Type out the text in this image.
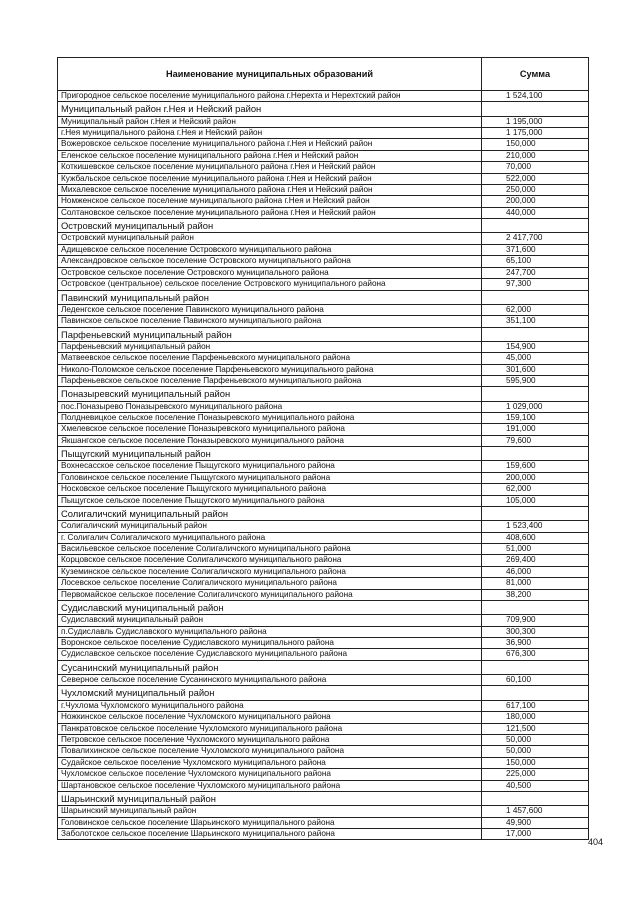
Наименование муниципальных образований	Сумма
Пригородное сельское поселение муниципального района г.Нерехта и Нерехтский район	1 524,100
Муниципальный район г.Нея и Нейский район	
Муниципальный район г.Нея и Нейский район	1 195,000
г.Нея муниципального района г.Нея и Нейский район	1 175,000
Вожеровское сельское поселение муниципального района г.Нея и Нейский район	150,000
Еленское сельское поселение муниципального района г.Нея и Нейский район	210,000
Коткишевское сельское поселение муниципального района г.Нея и Нейский район	70,000
Кужбальское сельское поселение муниципального района г.Нея и Нейский район	522,000
Михалевское сельское поселение муниципального района г.Нея и Нейский район	250,000
Номженское сельское поселение муниципального района г.Нея и Нейский район	200,000
Солтановское сельское поселение муниципального района г.Нея и Нейский район	440,000
Островский муниципальный район	
Островский муниципальный район	2 417,700
Адищевское сельское поселение Островского муниципального района	371,600
Александровское сельское поселение Островского муниципального района	65,100
Островское сельское поселение Островского муниципального района	247,700
Островское (центральное) сельское поселение Островского муниципального района	97,300
Павинский муниципальный район	
Леденгское сельское поселение Павинского муниципального района	62,000
Павинское сельское поселение Павинского муниципального района	351,100
Парфеньевский муниципальный район	
Парфеньевский муниципальный район	154,900
Матвеевское сельское поселение Парфеньевского муниципального района	45,000
Николо-Поломское сельское поселение Парфеньевского муниципального района	301,600
Парфеньевское сельское поселение Парфеньевского муниципального района	595,900
Поназыревский муниципальный район	
пос.Поназырево Поназыревского муниципального района	1 029,000
Полдневицкое сельское поселение Поназыревского муниципального района	159,100
Хмелевское сельское поселение Поназыревского муниципального района	191,000
Якшангское сельское поселение Поназыревского муниципального района	79,600
Пыщугский муниципальный район	
Вохнесасское сельское поселение Пыщугского муниципального района	159,600
Головинское сельское поселение Пыщугского муниципального района	200,000
Носковское сельское поселение Пыщугского муниципального района	62,000
Пыщугское сельское поселение Пыщугского муниципального района	105,000
Солигаличский муниципальный район	
Солигаличский муниципальный район	1 523,400
г. Солигалич Солигаличского муниципального района	408,600
Васильевское сельское поселение Солигаличского муниципального района	51,000
Корцовское сельское поселение Солигаличского муниципального района	269,400
Куземинское сельское поселение Солигаличского муниципального района	46,000
Лосевское сельское поселение Солигаличского муниципального района	81,000
Первомайское сельское поселение Солигаличского муниципального района	38,200
Судиславский муниципальный район	
Судиславский муниципальный район	709,900
п.Судиславль Судиславского муниципального района	300,300
Воронское сельское поселение Судиславского муниципального района	36,900
Судиславское сельское поселение Судиславского муниципального района	676,300
Сусанинский муниципальный район	
Северное сельское поселение Сусанинского муниципального района	60,100
Чухломский муниципальный район	
г.Чухлома Чухломского муниципального района	617,100
Ножкинское сельское поселение Чухломского муниципального района	180,000
Панкратовское сельское поселение Чухломского муниципального района	121,500
Петровское сельское поселение Чухломского муниципального района	50,000
Повалихинское сельское поселение Чухломского муниципального района	50,000
Судайское сельское поселение Чухломского муниципального района	150,000
Чухломское сельское поселение Чухломского муниципального района	225,000
Шартановское сельское поселение Чухломского муниципального района	40,500
Шарьинский муниципальный район	
Шарьинский муниципальный район	1 457,600
Головинское сельское поселение Шарьинского муниципального района	49,900
Заболотское сельское поселение Шарьинского муниципального района	17,000
404
